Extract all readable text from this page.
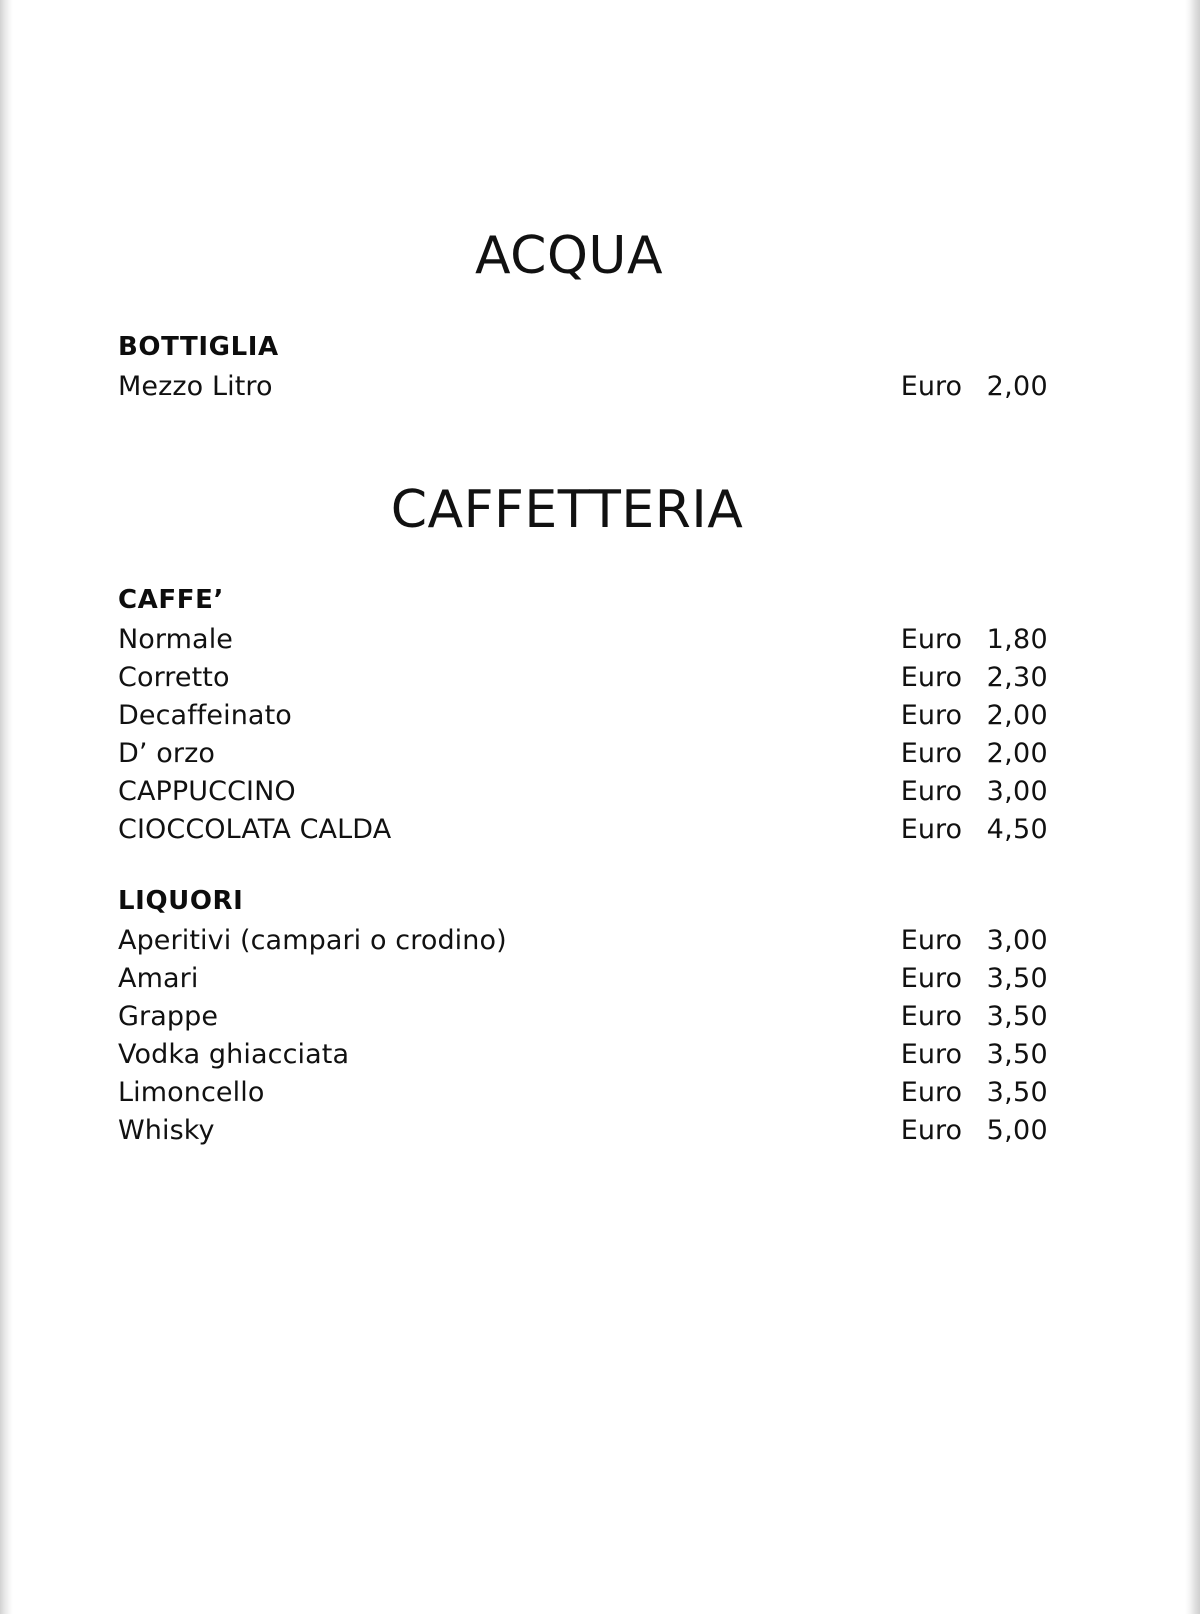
ACQUA
BOTTIGLIA
Mezzo Litro	Euro 2,00
CAFFETTERIA
CAFFE’
Normale	Euro 1,80
Corretto	Euro 2,30
Decaffeinato	Euro 2,00
D’ orzo	Euro 2,00
CAPPUCCINO	Euro 3,00
CIOCCOLATA CALDA	Euro 4,50
LIQUORI
Aperitivi (campari o crodino)	Euro 3,00
Amari	Euro 3,50
Grappe	Euro 3,50
Vodka ghiacciata	Euro 3,50
Limoncello	Euro 3,50
Whisky	Euro 5,00
